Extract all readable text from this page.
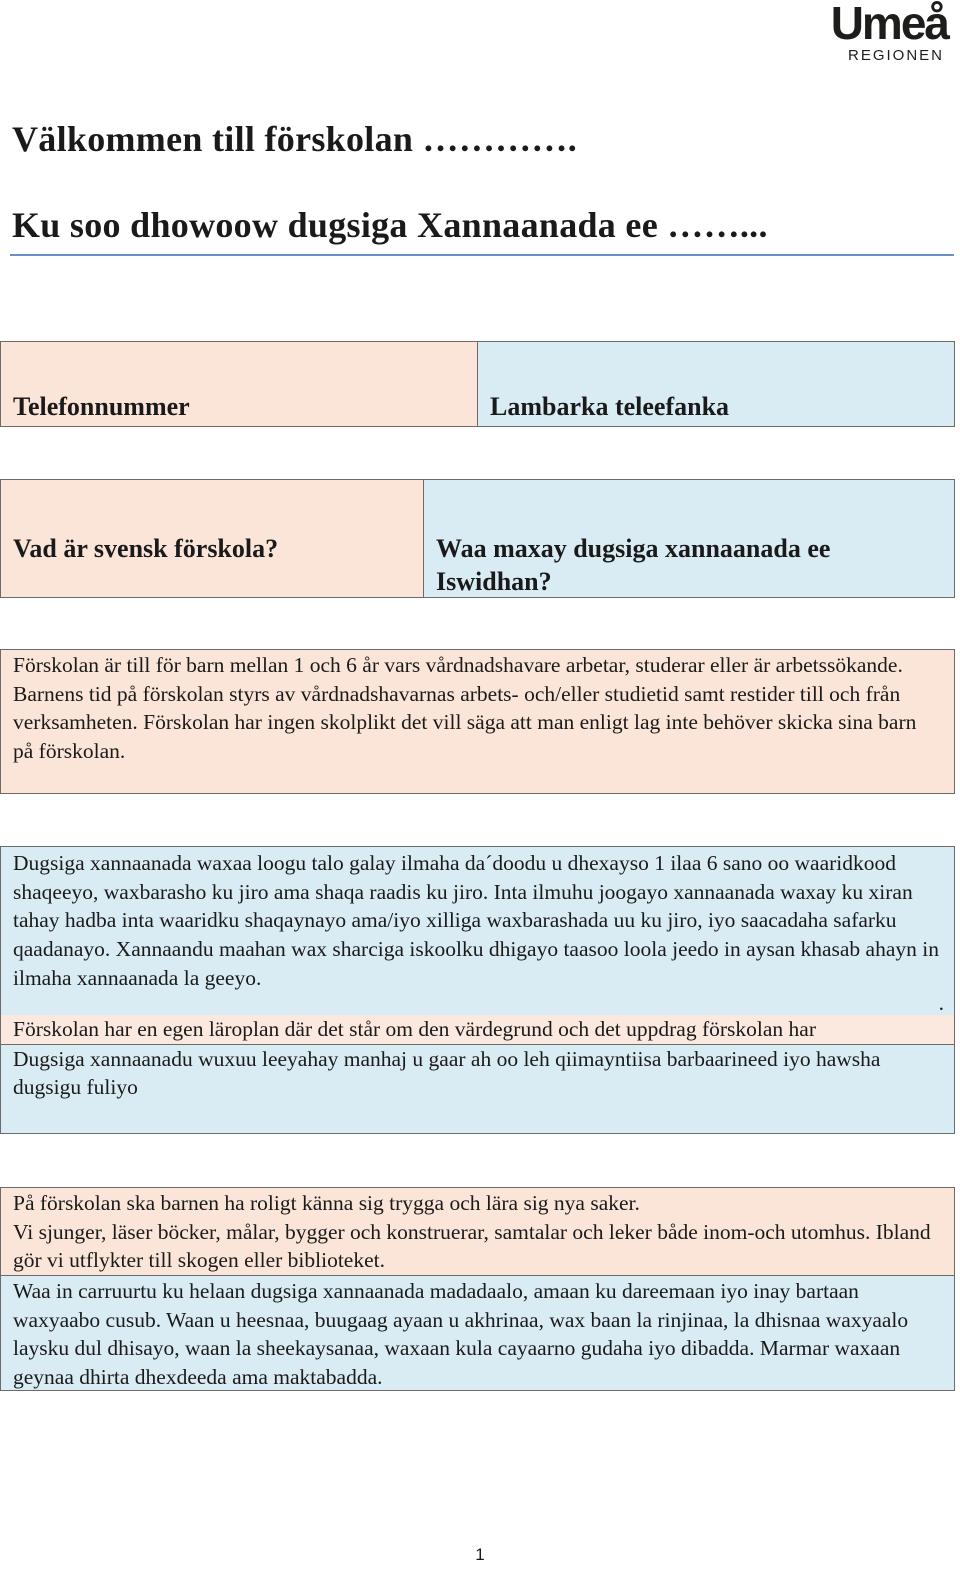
Umeå
REGIONEN
Välkommen till förskolan ………….
Ku soo dhowoow dugsiga Xannaanada ee ……...
Telefonnummer	Lambarka teleefanka
Vad är svensk förskola?	Waa maxay dugsiga xannaanada ee Iswidhan?
Förskolan är till för barn mellan 1 och 6 år vars vårdnadshavare arbetar, studerar eller är arbetssökande. Barnens tid på förskolan styrs av vårdnadshavarnas arbets- och/eller studietid samt restider till och från verksamheten. Förskolan har ingen skolplikt det vill säga att man enligt lag inte behöver skicka sina barn på förskolan.
Dugsiga xannaanada waxaa loogu talo galay ilmaha da´doodu u dhexayso 1 ilaa 6 sano oo waaridkood shaqeeyo, waxbarasho ku jiro ama shaqa raadis ku jiro. Inta ilmuhu joogayo xannaanada waxay ku xiran tahay hadba inta waaridku shaqaynayo ama/iyo xilliga waxbarashada uu ku jiro, iyo saacadaha safarku qaadanayo. Xannaandu maahan wax sharciga iskoolku dhigayo taasoo loola jeedo in aysan khasab ahayn in ilmaha xannaanada la geeyo.
.
Förskolan har en egen läroplan där det står om den värdegrund och det uppdrag förskolan har
Dugsiga xannaanadu wuxuu leeyahay manhaj u gaar ah oo leh qiimayntiisa barbaarineed iyo hawsha dugsigu fuliyo
På förskolan ska barnen ha roligt känna sig trygga och lära sig nya saker.
Vi sjunger, läser böcker, målar, bygger och konstruerar, samtalar och leker både inom-och utomhus. Ibland gör vi utflykter till skogen eller biblioteket.
Waa in carruurtu ku helaan dugsiga xannaanada madadaalo, amaan ku dareemaan iyo inay bartaan waxyaabo cusub. Waan u heesnaa, buugaag ayaan u akhrinaa, wax baan la rinjinaa, la dhisnaa waxyaalo laysku dul dhisayo, waan la sheekaysanaa, waxaan kula cayaarno gudaha iyo dibadda. Marmar waxaan geynaa dhirta dhexdeeda ama maktabadda.
1
